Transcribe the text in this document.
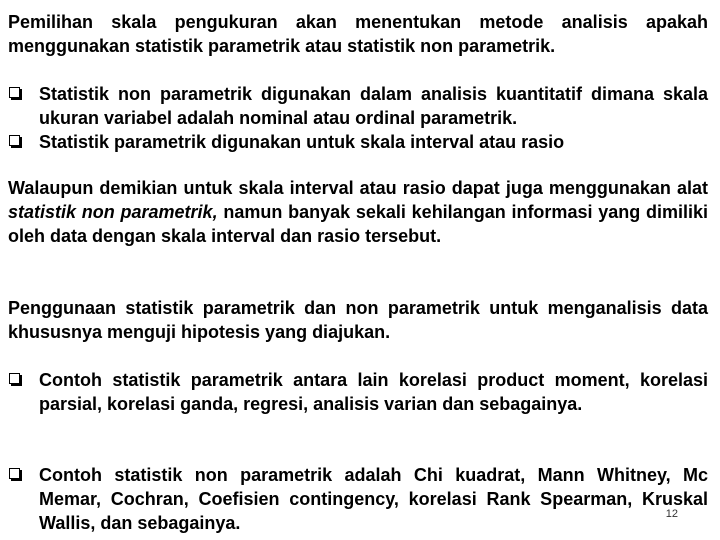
Pemilihan skala pengukuran akan menentukan metode analisis apakah menggunakan statistik parametrik atau statistik non parametrik.

Statistik non parametrik digunakan dalam analisis kuantitatif dimana skala ukuran variabel adalah nominal atau ordinal parametrik.
Statistik parametrik digunakan untuk skala interval atau rasio

Walaupun demikian untuk skala interval atau rasio dapat juga menggunakan alat statistik non parametrik, namun banyak sekali kehilangan informasi yang dimiliki oleh data dengan skala interval dan rasio tersebut.

Penggunaan statistik parametrik dan non parametrik untuk menganalisis data khususnya menguji hipotesis yang diajukan.

Contoh statistik parametrik antara lain korelasi product moment, korelasi parsial, korelasi ganda, regresi, analisis varian dan sebagainya.
Contoh statistik non parametrik adalah Chi kuadrat, Mann Whitney, Mc Memar, Cochran, Coefisien contingency, korelasi Rank Spearman, Kruskal Wallis, dan sebagainya.	12
